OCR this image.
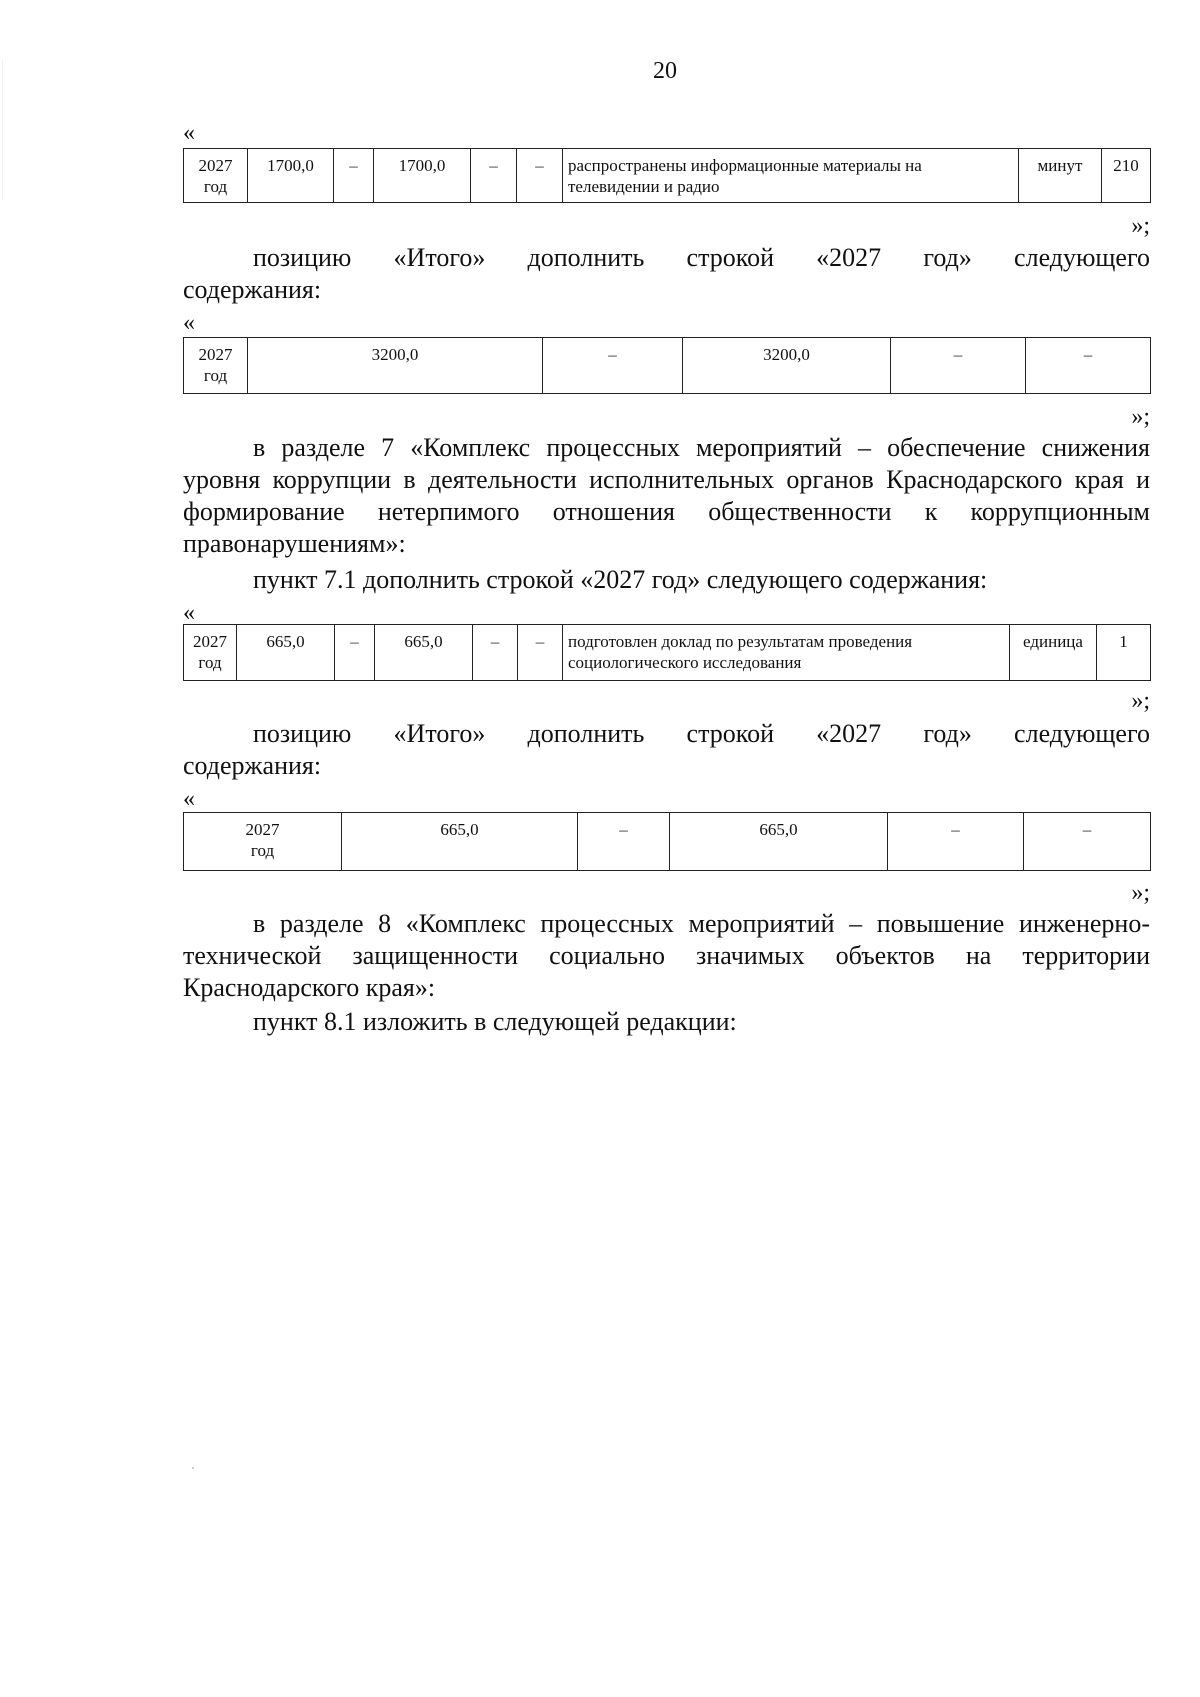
20
«
2027
год	1700,0	–	1700,0	–	–	распространены информационные материалы на телевидении и радио	минут	210
»;
позицию «Итого» дополнить строкой «2027 год» следующего
содержания:
«
2027
год	3200,0	–	3200,0	–	–
»;
в разделе 7 «Комплекс процессных мероприятий – обеспечение снижения уровня коррупции в деятельности исполнительных органов Краснодарского края и формирование нетерпимого отношения общественности к коррупционным правонарушениям»:
пункт 7.1 дополнить строкой «2027 год» следующего содержания:
«
2027
год	665,0	–	665,0	–	–	подготовлен доклад по результатам проведения социологического исследования	единица	1
»;
позицию «Итого» дополнить строкой «2027 год» следующего
содержания:
«
2027
год	665,0	–	665,0	–	–
»;
в разделе 8 «Комплекс процессных мероприятий – повышение инженерно-технической защищенности социально значимых объектов на территории Краснодарского края»:
пункт 8.1 изложить в следующей редакции:
